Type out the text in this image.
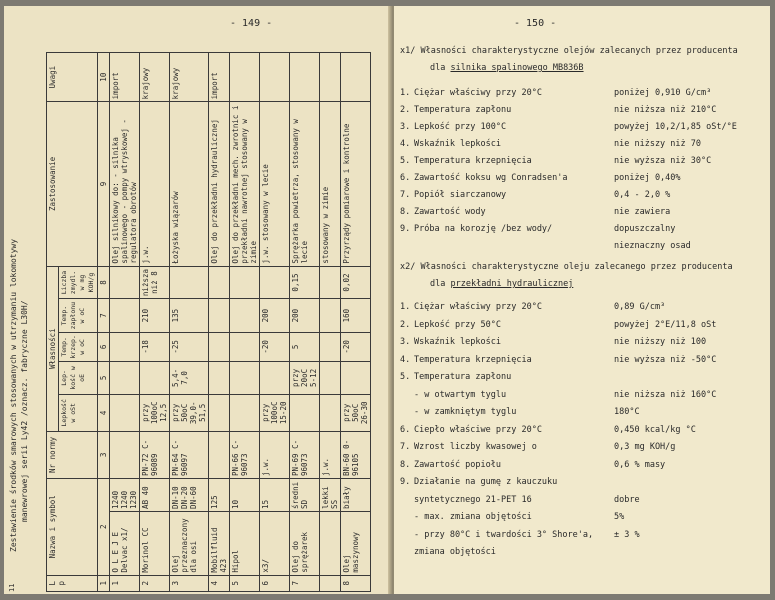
- 149 -
Zestawienie środków smarowych stosowanych w utrzymaniu lokomotywy manewrowej serii Ly42 /oznacz. fabryczne L30H/
L p	Nazwa i symbol		Nr normy	Własności					Zastosowanie	Uwagi
				Lepkość w oSt	Lep- kość w oE	Temp. krzep. w oC	Temp. zapłonu w oC	Liczba zmydl. w mg KOH/g		
1	2		3	4	5	6	7	8	9	10
1	O L E J E Delvac x1/	1240 1240 1230							Olej silnikowy do: - silnika spalinowego - pompy wtryskowej - regulatora obrotów	import
2	Morinol CC	AB 40	PN-72 C-96089	przy 100oC 12,5		-18	210	niższa niż 8	j.w.	krajowy
3	Olej przeznaczony dla osi	DN-10 DN-20 DN-60	PN-64 C-96097	przy 50oC 39,0-51,5	5,4-7,0	-25	135		Łożyska wiązarów	krajowy
4	Mobilfluid 423	125							Olej do przekładni hydraulicznej	import
5	Hipol	10	PN-66 C-96073						Olej do przekładni mech. zwrotnic i przekładni nawrotnej stosowany w zimie	
6	x3/	15	j.w.	przy 100oC 15-20		-20	200		j.w. stosowany w lecie	
7	Olej do sprężarek	średni SD	PN-69 C-96073		przy 20oC 5-12	5	200	0,15	Sprężarka powietrza, stosowany w lecie	
		lekki SS	j.w.						stosowany w zimie	
8	Olej maszynowy	biały	BN-60 0-96105	przy 50oC 26-30		-20	160	0,02	Przyrządy pomiarowe i kontrolne	
11
- 150 -
x1/ Własności charakterystyczne olejów zalecanych przez producenta
dla silnika spalinowego MB836B
1. Ciężar właściwy przy 20°C	poniżej 0,910 G/cm³
2. Temperatura zapłonu	nie niższa niż 210°C
3. Lepkość przy 100°C	powyżej 10,2/1,85 oSt/°E
4. Wskaźnik lepkości	nie niższy niż 70
5. Temperatura krzepnięcia	nie wyższa niż 30°C
6. Zawartość koksu wg Conradsen'a	poniżej 0,40%
7. Popiół siarczanowy	0,4 - 2,0 %
8. Zawartość wody	nie zawiera
9. Próba na korozję /bez wody/	dopuszczalny
nieznaczny osad
x2/ Własności charakterystyczne oleju zalecanego przez producenta
dla przekładni hydraulicznej
1. Ciężar właściwy przy 20°C	0,89 G/cm³
2. Lepkość przy 50°C	powyżej 2°E/11,8 oSt
3. Wskaźnik lepkości	nie niższy niż 100
4. Temperatura krzepnięcia	nie wyższa niż -50°C
5. Temperatura zapłonu
- w otwartym tyglu	nie niższa niż 160°C
- w zamkniętym tyglu	180°C
6. Ciepło właściwe przy 20°C	0,450 kcal/kg °C
7. Wzrost liczby kwasowej o	0,3 mg KOH/g
8. Zawartość popiołu	0,6 % masy
9. Działanie na gumę z kauczuku
syntetycznego 21-PET 16	dobre
- max. zmiana objętości	5%
- przy 80°C i twardości 3° Shore'a, ± 3 %
zmiana objętości
